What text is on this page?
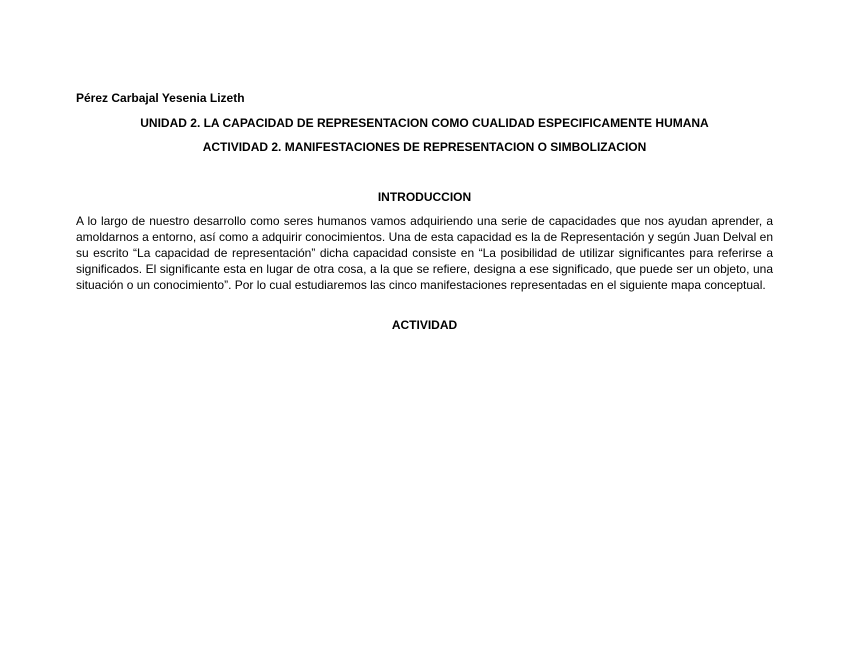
Pérez Carbajal Yesenia Lizeth
UNIDAD 2. LA CAPACIDAD DE REPRESENTACION COMO CUALIDAD ESPECIFICAMENTE HUMANA
ACTIVIDAD 2. MANIFESTACIONES DE REPRESENTACION O SIMBOLIZACION
INTRODUCCION
A lo largo de nuestro desarrollo como seres humanos vamos adquiriendo una serie de capacidades que nos ayudan aprender, a amoldarnos a entorno, así como a adquirir conocimientos. Una de esta capacidad es la de Representación y según Juan Delval en su escrito “La capacidad de representación” dicha capacidad consiste en “La posibilidad de utilizar significantes para referirse a significados. El significante esta en lugar de otra cosa, a la que se refiere, designa a ese significado, que puede ser un objeto, una situación o un conocimiento”. Por lo cual estudiaremos las cinco manifestaciones representadas en el siguiente mapa conceptual.
ACTIVIDAD
